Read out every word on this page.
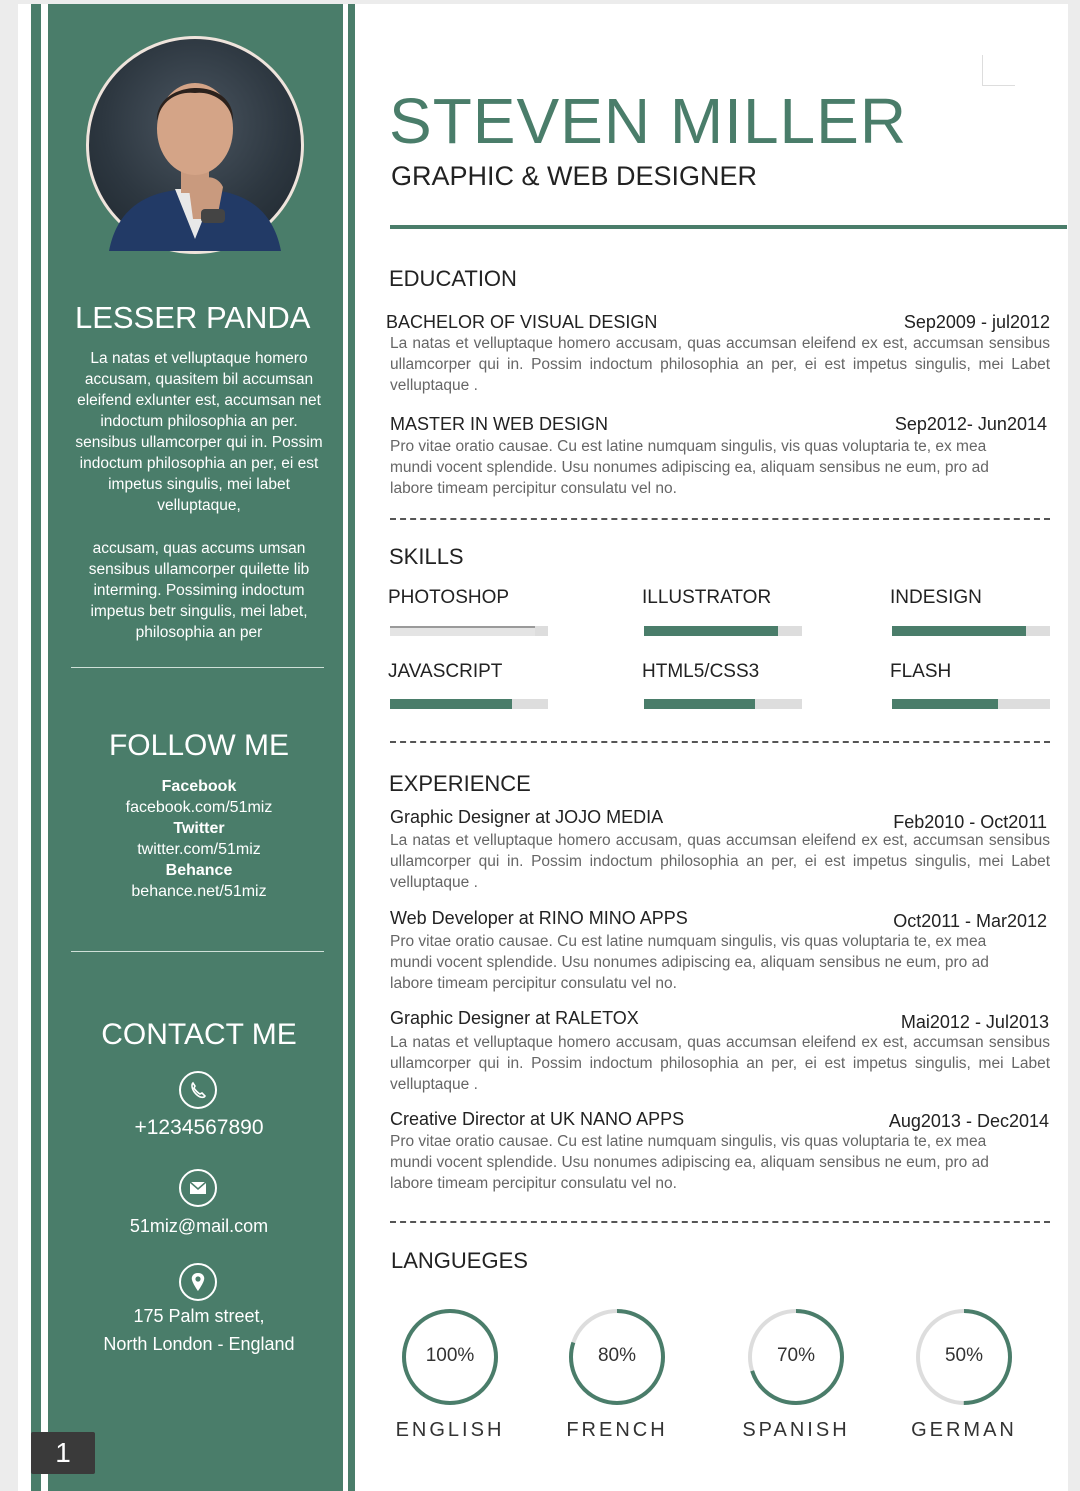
LESSER PANDA
La natas et velluptaque homero accusam, quasitem bil accumsan eleifend exlunter est, accumsan net indoctum philosophia an per. sensibus ullamcorper qui in. Possim indoctum philosophia an per, ei est impetus singulis, mei labet velluptaque,
accusam, quas accums umsan sensibus ullamcorper quilette lib interming. Possiming indoctum impetus betr singulis, mei labet,
FOLLOW ME
Facebook
facebook.com/51miz
Twitter
twitter.com/51miz
Behance
behance.net/51miz
CONTACT ME
+1234567890
51miz@mail.com
175 Palm street,
North London - England
1
STEVEN MILLER
GRAPHIC & WEB DESIGNER
EDUCATION
BACHELOR OF VISUAL DESIGN	Sep2009 - jul2012
La natas et velluptaque homero accusam, quas accumsan eleifend ex est, accumsan sensibus ullamcorper qui in. Possim indoctum philosophia an per, ei est impetus singulis, mei Labet velluptaque .
MASTER IN WEB DESIGN	Sep2012- Jun2014
Pro vitae oratio causae. Cu est latine numquam singulis, vis quas voluptaria te, ex mea mundi vocent splendide. Usu nonumes adipiscing ea, aliquam sensibus ne eum, pro ad labore timeam percipitur consulatu vel no.
SKILLS
PHOTOSHOP	ILLUSTRATOR	INDESIGN
JAVASCRIPT	HTML5/CSS3	FLASH
EXPERIENCE
Graphic Designer at JOJO MEDIA	Feb2010 - Oct2011
La natas et velluptaque homero accusam, quas accumsan eleifend ex est, accumsan sensibus ullamcorper qui in. Possim indoctum philosophia an per, ei est impetus singulis, mei Labet velluptaque .
Web Developer at RINO MINO APPS	Oct2011 - Mar2012
Pro vitae oratio causae. Cu est latine numquam singulis, vis quas voluptaria te, ex mea mundi vocent splendide. Usu nonumes adipiscing ea, aliquam sensibus ne eum, pro ad labore timeam percipitur consulatu vel no.
Graphic Designer at RALETOX	Mai2012 - Jul2013
La natas et velluptaque homero accusam, quas accumsan eleifend ex est, accumsan sensibus ullamcorper qui in. Possim indoctum philosophia an per, ei est impetus singulis, mei Labet velluptaque .
Creative Director at UK NANO APPS	Aug2013 - Dec2014
Pro vitae oratio causae. Cu est latine numquam singulis, vis quas voluptaria te, ex mea mundi vocent splendide. Usu nonumes adipiscing ea, aliquam sensibus ne eum, pro ad labore timeam percipitur consulatu vel no.
LANGUEGES
100%
ENGLISH
80%
FRENCH
70%
SPANISH
50%
GERMAN
